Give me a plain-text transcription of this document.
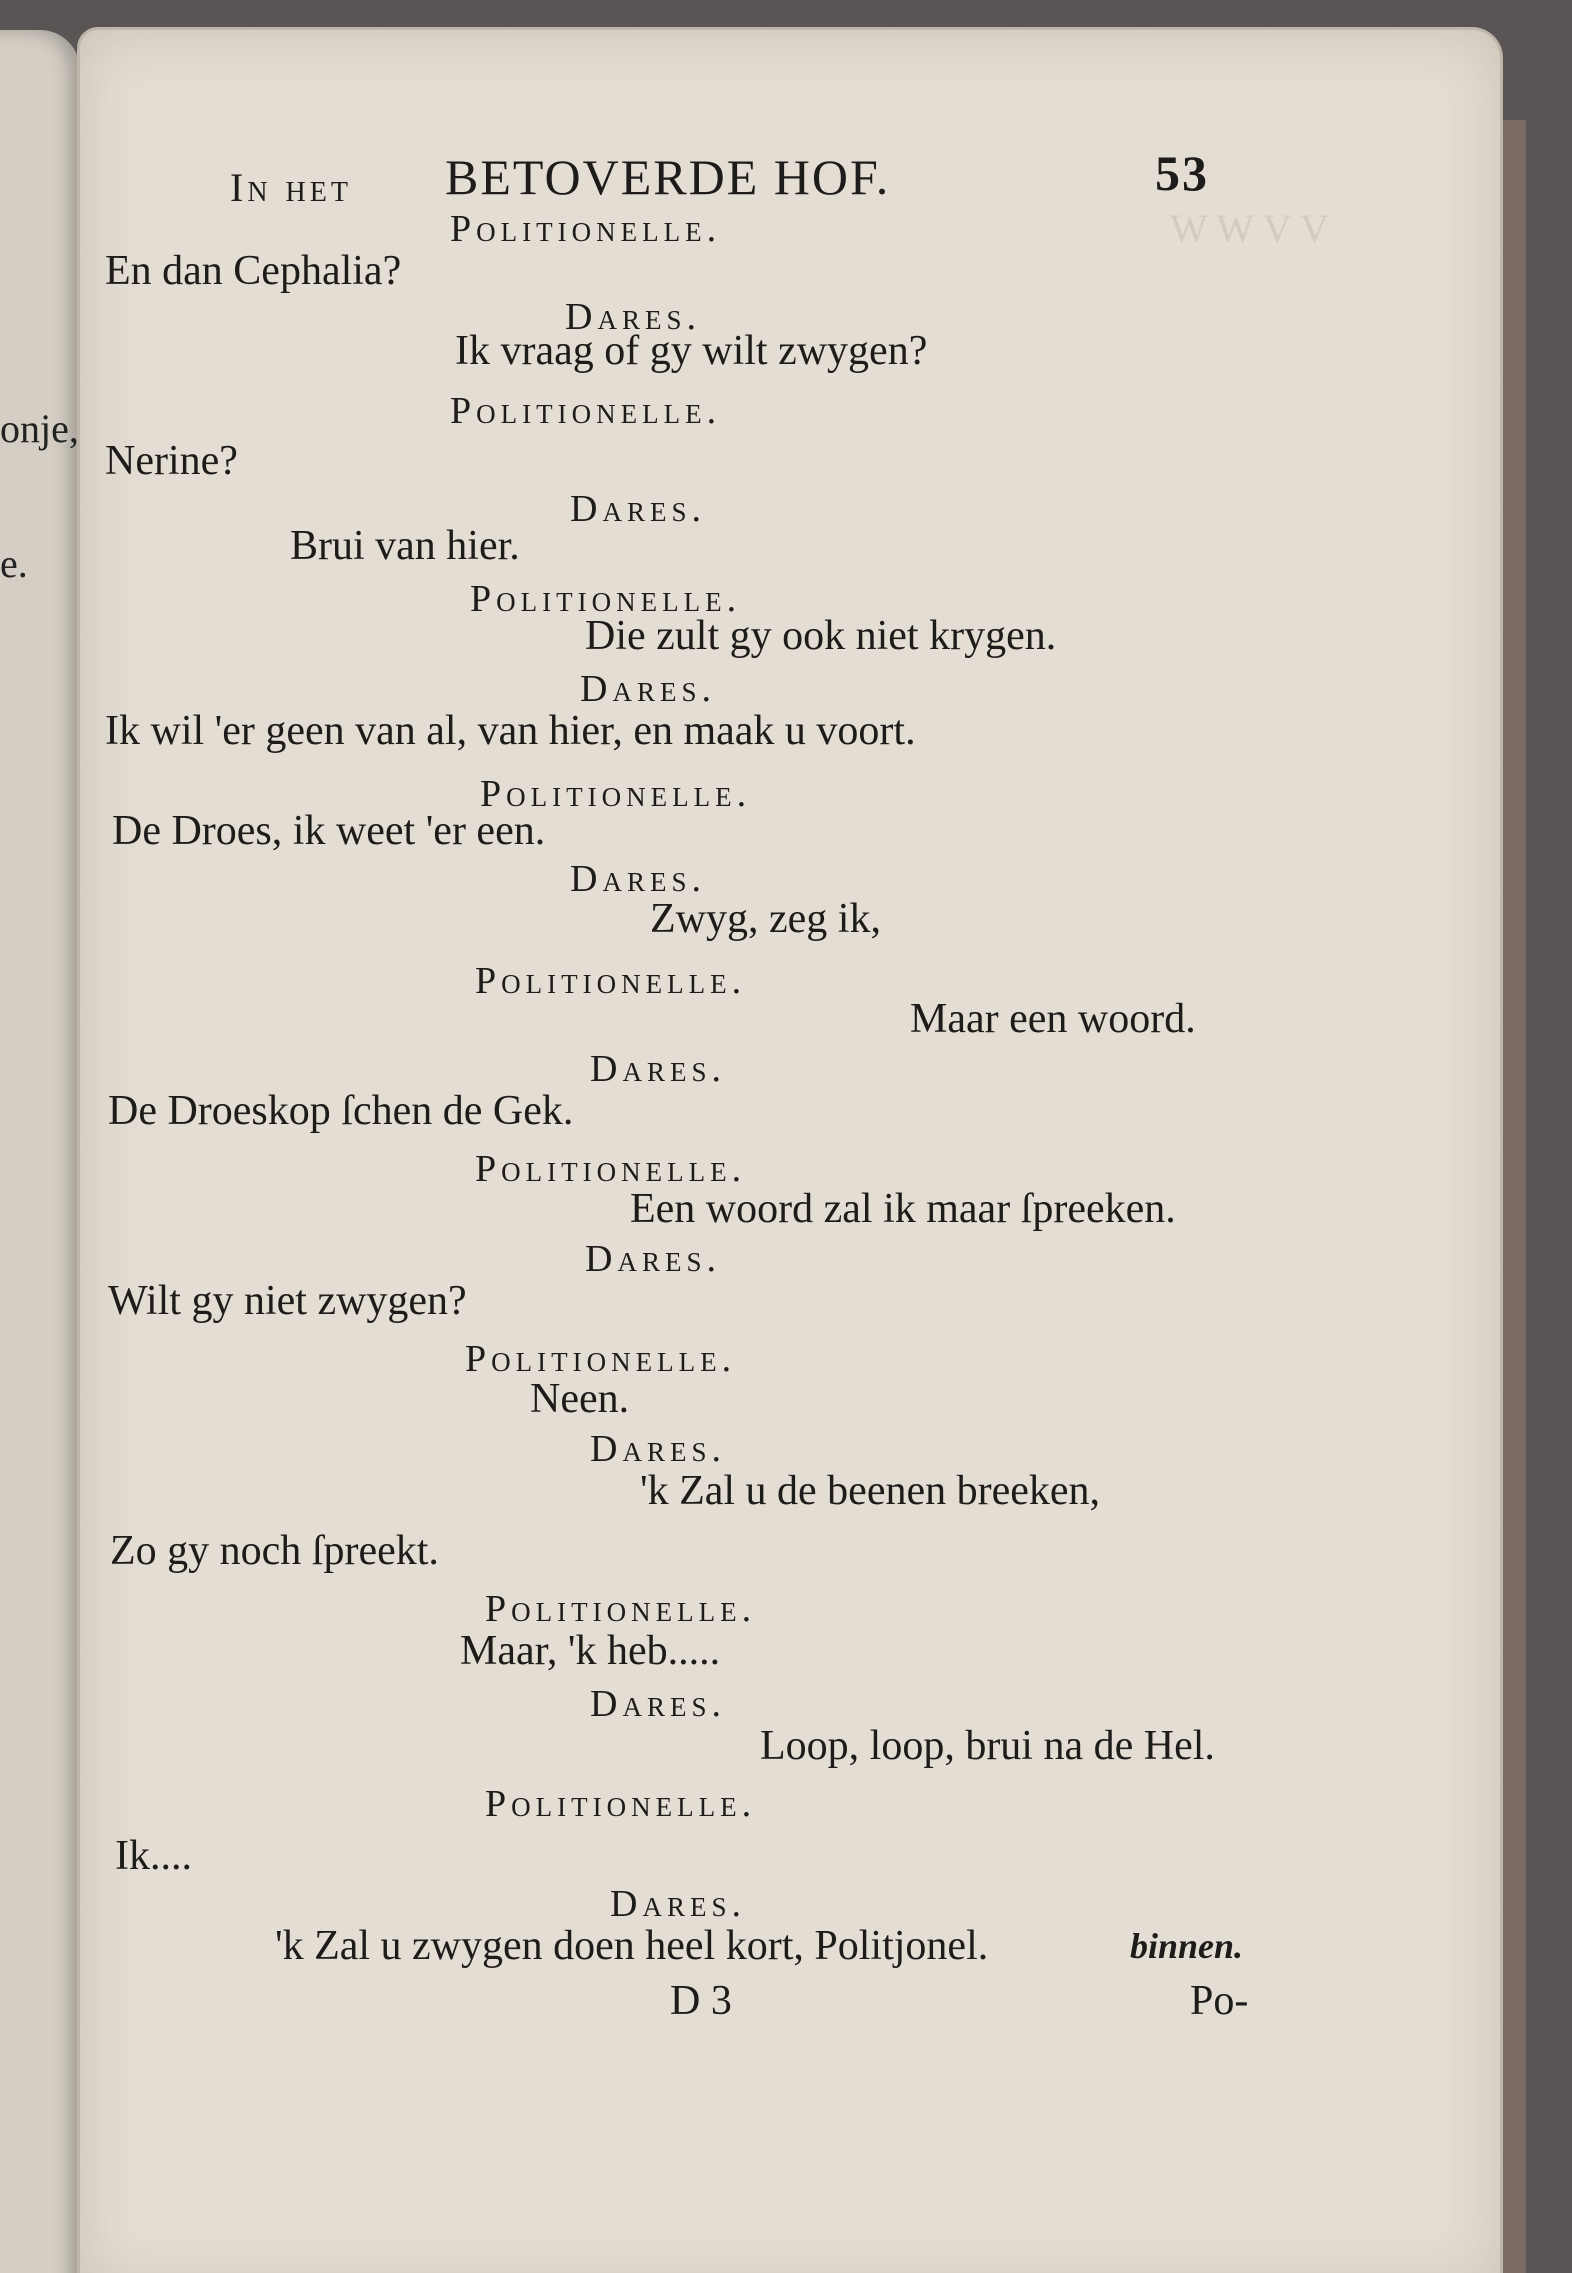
onje,
e.
W W V V
In het BETOVERDE HOF.	53
Politionelle.
En dan Cephalia?
Dares.
Ik vraag of gy wilt zwygen?
Politionelle.
Nerine?
Dares.
Brui van hier.
Politionelle.
Die zult gy ook niet krygen.
Dares.
Ik wil 'er geen van al, van hier, en maak u voort.
Politionelle.
De Droes, ik weet 'er een.
Dares.
Zwyg, zeg ik,
Politionelle.
Maar een woord.
Dares.
De Droeskop ſchen de Gek.
Politionelle.
Een woord zal ik maar ſpreeken.
Dares.
Wilt gy niet zwygen?
Politionelle.
Neen.
Dares.
'k Zal u de beenen breeken,
Zo gy noch ſpreekt.
Politionelle.
Maar, 'k heb.....
Dares.
Loop, loop, brui na de Hel.
Politionelle.
Ik....
Dares.
'k Zal u zwygen doen heel kort, Politjonel.	binnen.
D 3	Po-
